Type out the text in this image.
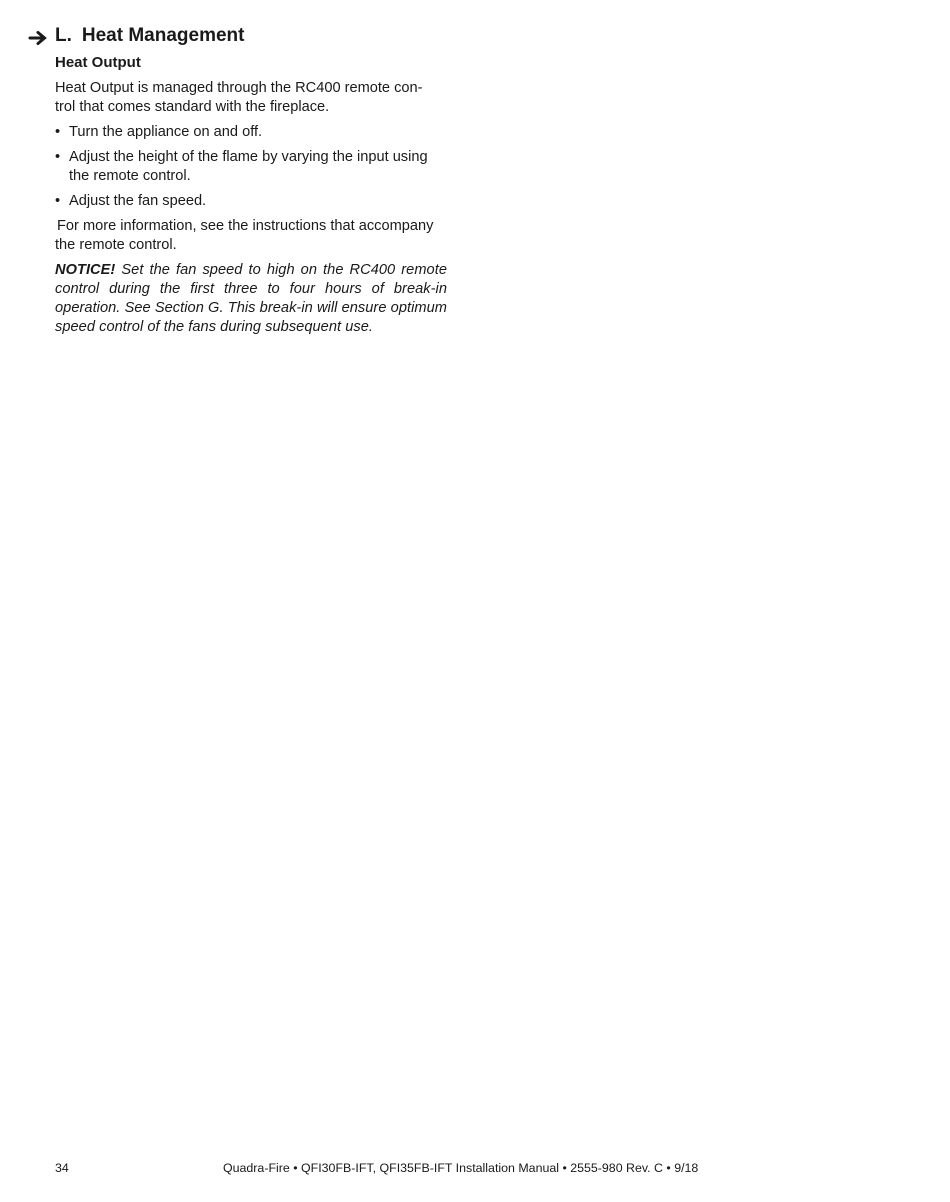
L. Heat Management
Heat Output

Heat Output is managed through the RC400 remote con-
trol that comes standard with the fireplace.

• Turn the appliance on and off.
• Adjust the height of the flame by varying the input using the remote control.
• Adjust the fan speed.

For more information, see the instructions that accompany the remote control.

NOTICE! Set the fan speed to high on the RC400 remote control during the first three to four hours of break-in operation. See Section G. This break-in will ensure optimum speed control of the fans during subsequent use.

34	Quadra-Fire • QFI30FB-IFT, QFI35FB-IFT Installation Manual • 2555-980 Rev. C • 9/18
